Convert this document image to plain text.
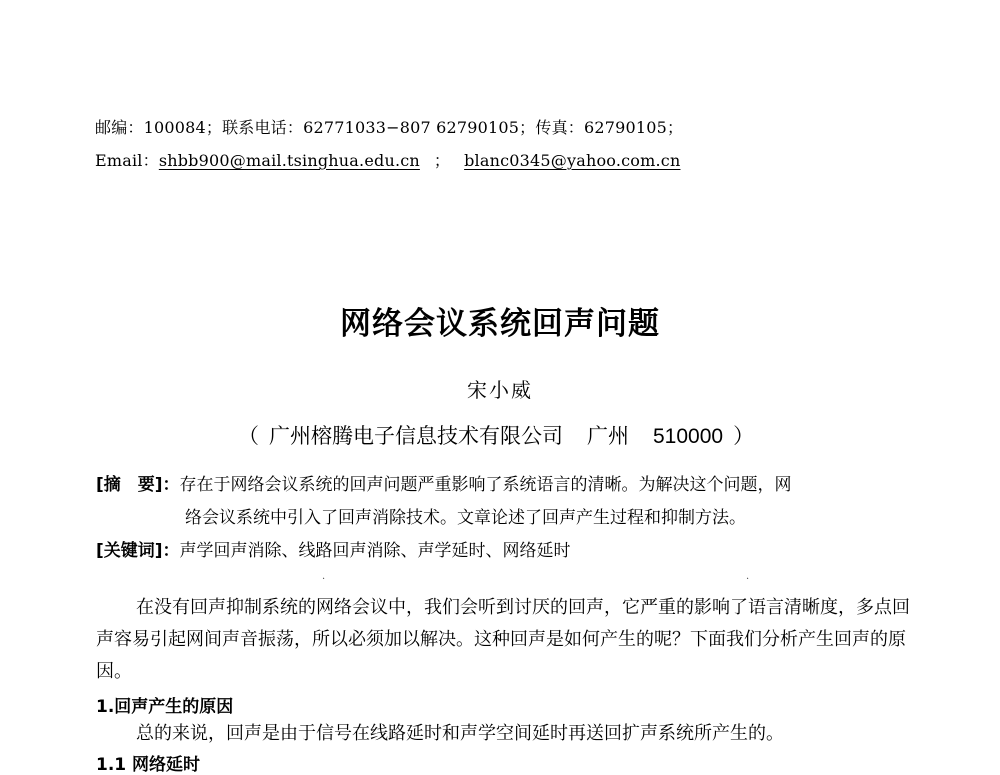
邮编：100084；联系电话：62771033−807 62790105；传真：62790105；
Email：shbb900@mail.tsinghua.edu.cn ； blanc0345@yahoo.com.cn
网络会议系统回声问题
宋小威
（ 广州榕腾电子信息技术有限公司 广州 510000 ）
[摘　要]：存在于网络会议系统的回声问题严重影响了系统语言的清晰。为解决这个问题，网
络会议系统中引入了回声消除技术。文章论述了回声产生过程和抑制方法。
[关键词]：声学回声消除、线路回声消除、声学延时、网络延时
·	·
在没有回声抑制系统的网络会议中，我们会听到讨厌的回声，它严重的影响了语言清晰度，多点回声容易引起网间声音振荡，所以必须加以解决。这种回声是如何产生的呢？下面我们分析产生回声的原因。
1.回声产生的原因
总的来说，回声是由于信号在线路延时和声学空间延时再送回扩声系统所产生的。
1.1 网络延时
